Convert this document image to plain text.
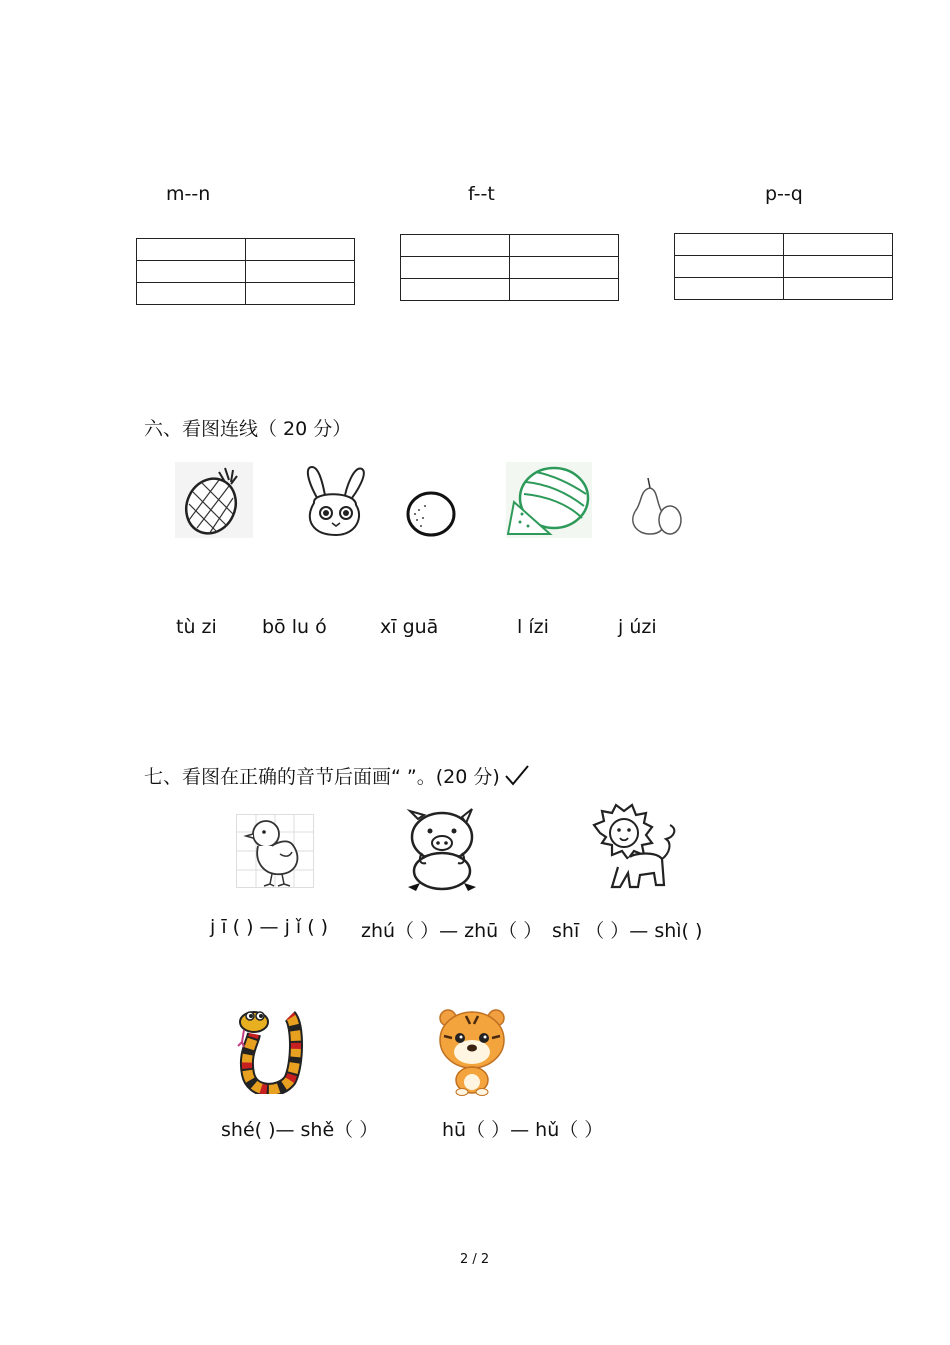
m--n	f--t	p--q

六、看图连线（ 20 分）
tù zi bō lu ó	xī guā	l ízi	j úzi
七、看图在正确的音节后面画“ ”。(20 分)
j ī ( ) — j ǐ ( ) zhú（ ）— zhū（ ） shī （ ）— shì( )
shé( )— shě（ ）	hū（ ）— hǔ（ ）
2 / 2
